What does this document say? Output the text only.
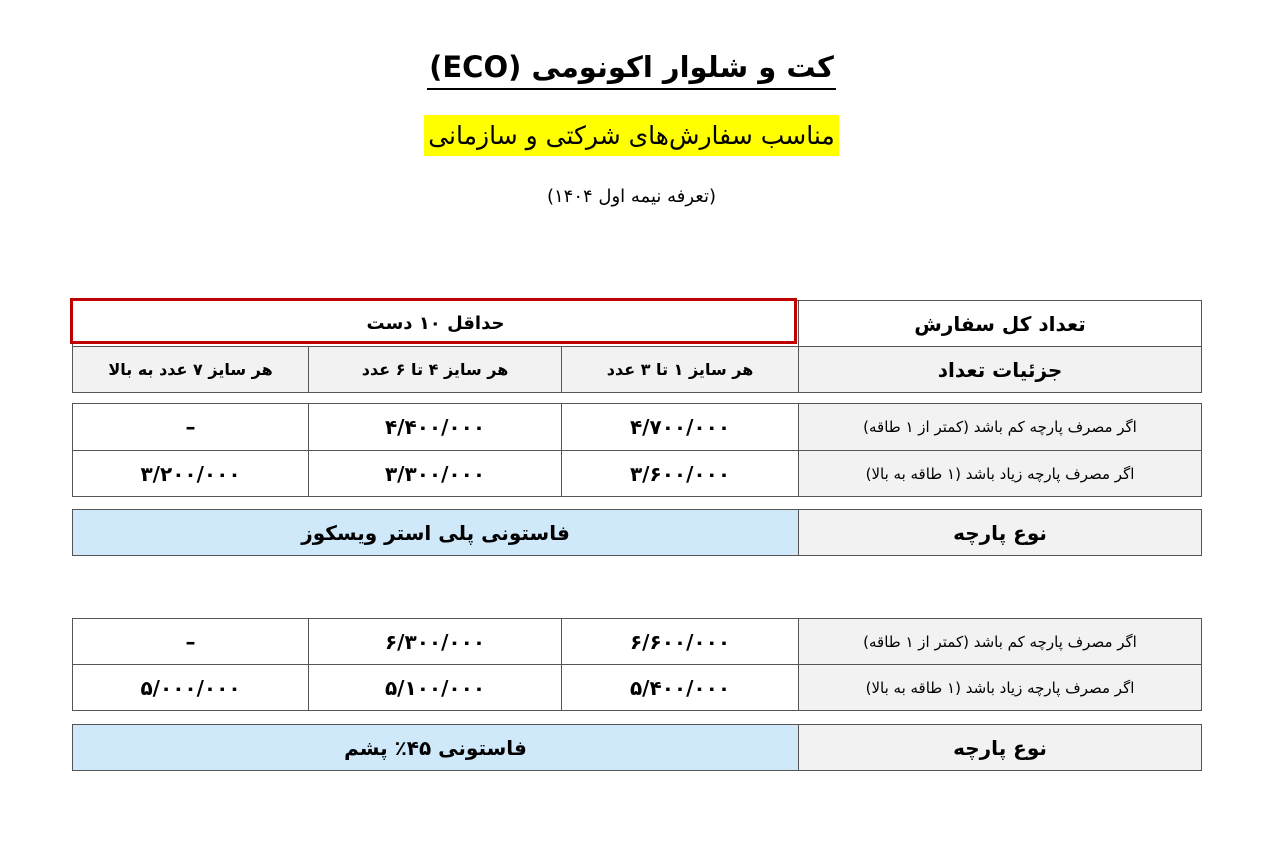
کت و شلوار اکونومی (ECO)
مناسب سفارش‌های شرکتی و سازمانی
(تعرفه نیمه اول ۱۴۰۴)
تعداد کل سفارش	حداقل ۱۰ دست		
جزئیات تعداد	هر سایز ۱ تا ۳ عدد	هر سایز ۴ تا ۶ عدد	هر سایز ۷ عدد به بالا
اگر مصرف پارچه کم باشد (کمتر از ۱ طاقه)	۴/۷۰۰/۰۰۰	۴/۴۰۰/۰۰۰	–
اگر مصرف پارچه زیاد باشد (۱ طاقه به بالا)	۳/۶۰۰/۰۰۰	۳/۳۰۰/۰۰۰	۳/۲۰۰/۰۰۰
نوع پارچه	فاستونی پلی استر ویسکوز
اگر مصرف پارچه کم باشد (کمتر از ۱ طاقه)	۶/۶۰۰/۰۰۰	۶/۳۰۰/۰۰۰	–
اگر مصرف پارچه زیاد باشد (۱ طاقه به بالا)	۵/۴۰۰/۰۰۰	۵/۱۰۰/۰۰۰	۵/۰۰۰/۰۰۰
نوع پارچه	فاستونی ۴۵٪ پشم
